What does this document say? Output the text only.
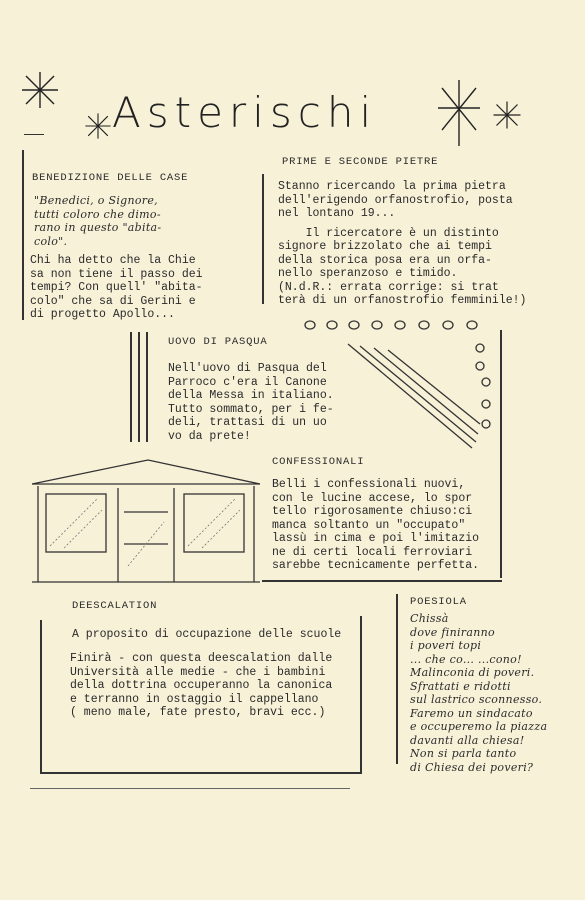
Asterischi
BENEDIZIONE DELLE CASE
"Benedici, o Signore,
tutti coloro che dimo-
rano in questo "abita-
colo".
Chi ha detto che la Chie
sa non tiene il passo dei
tempi? Con quell' "abita-
colo" che sa di Gerini e
di progetto Apollo...
PRIME E SECONDE PIETRE
Stanno ricercando la prima pietra
dell'erigendo orfanostrofio, posta
nel lontano 19...
Il ricercatore è un distinto
signore brizzolato che ai tempi
della storica posa era un orfa-
nello speranzoso e timido.
(N.d.R.: errata corrige: si trat
terà di un orfanostrofio femminile!)
UOVO DI PASQUA
Nell'uovo di Pasqua del
Parroco c'era il Canone
della Messa in italiano.
Tutto sommato, per i fe-
deli, trattasi di un uo
vo da prete!
CONFESSIONALI
Belli i confessionali nuovi,
con le lucine accese, lo spor
tello rigorosamente chiuso:ci
manca soltanto un "occupato"
lassù in cima e poi l'imitazio
ne di certi locali ferroviari
sarebbe tecnicamente perfetta.
DEESCALATION
A proposito di occupazione delle scuole
Finirà - con questa deescalation dalle
Università alle medie - che i bambini
della dottrina occuperanno la canonica
e terranno in ostaggio il cappellano
( meno male, fate presto, bravi ecc.)
POESIOLA
Chissà
dove finiranno
i poveri topi
... che co... ...cono!
Malinconia di poveri.
Sfrattati e ridotti
sul lastrico sconnesso.
Faremo un sindacato
e occuperemo la piazza
davanti alla chiesa!
Non si parla tanto
di Chiesa dei poveri?
